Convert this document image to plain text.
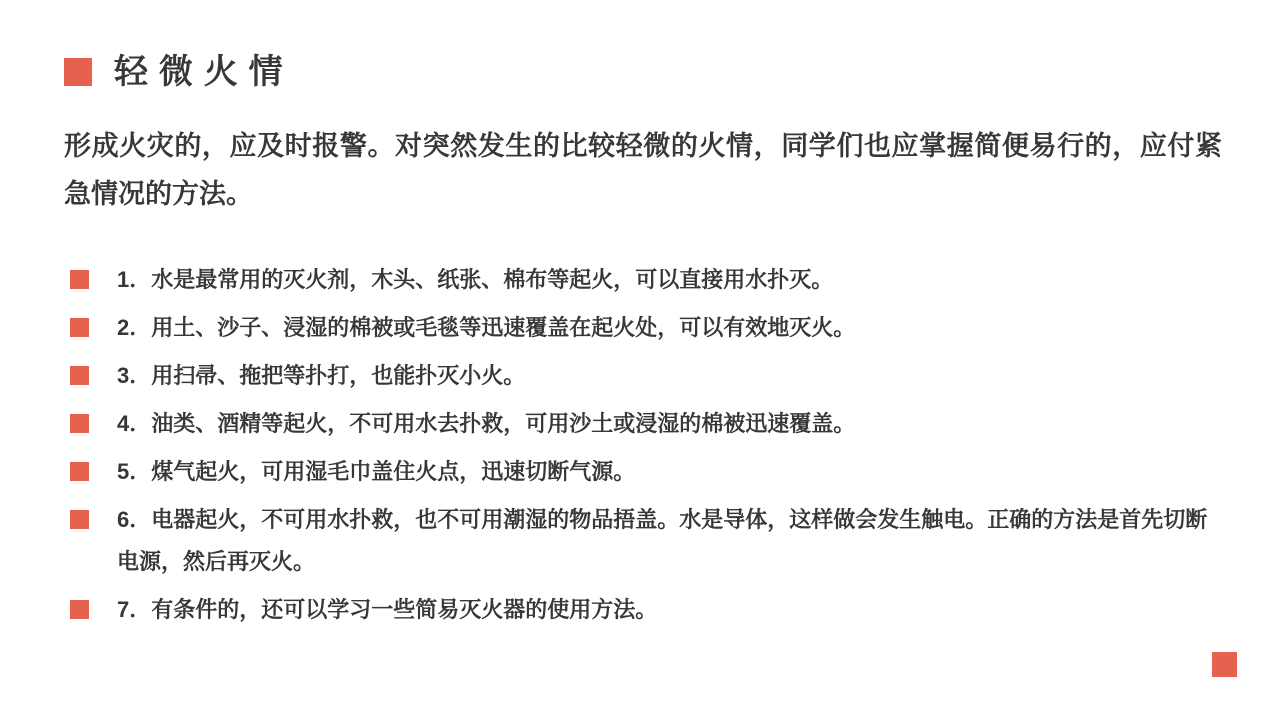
轻微火情

形成火灾的，应及时报警。对突然发生的比较轻微的火情，同学们也应掌握简便易行的，应付紧急情况的方法。

1．水是最常用的灭火剂，木头、纸张、棉布等起火，可以直接用水扑灭。
2．用土、沙子、浸湿的棉被或毛毯等迅速覆盖在起火处，可以有效地灭火。
3．用扫帚、拖把等扑打，也能扑灭小火。
4．油类、酒精等起火，不可用水去扑救，可用沙土或浸湿的棉被迅速覆盖。
5．煤气起火，可用湿毛巾盖住火点，迅速切断气源。
6．电器起火，不可用水扑救，也不可用潮湿的物品捂盖。水是导体，这样做会发生触电。正确的方法是首先切断电源，然后再灭火。
7．有条件的，还可以学习一些简易灭火器的使用方法。
